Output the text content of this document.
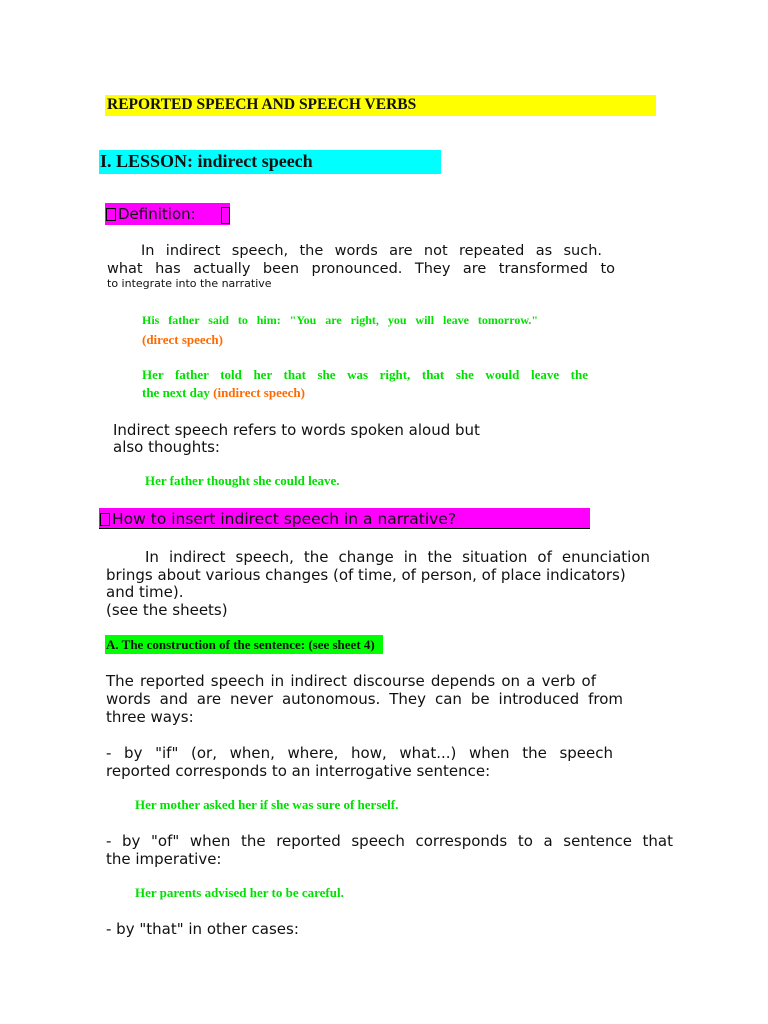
REPORTED SPEECH AND SPEECH VERBS
I. LESSON: indirect speech
Definition:
In indirect speech, the words are not repeated as such.
what has actually been pronounced. They are transformed to
to integrate into the narrative
His father said to him: "You are right, you will leave tomorrow."
(direct speech)
Her father told her that she was right, that she would leave the
the next day (indirect speech)
Indirect speech refers to words spoken aloud but
also thoughts:
Her father thought she could leave.
How to insert indirect speech in a narrative?
In indirect speech, the change in the situation of enunciation
brings about various changes (of time, of person, of place indicators)
and time).
(see the sheets)
A. The construction of the sentence: (see sheet 4)
The reported speech in indirect discourse depends on a verb of
words and are never autonomous. They can be introduced from
three ways:
- by "if" (or, when, where, how, what...) when the speech
reported corresponds to an interrogative sentence:
Her mother asked her if she was sure of herself.
- by "of" when the reported speech corresponds to a sentence that
the imperative:
Her parents advised her to be careful.
- by "that" in other cases:
